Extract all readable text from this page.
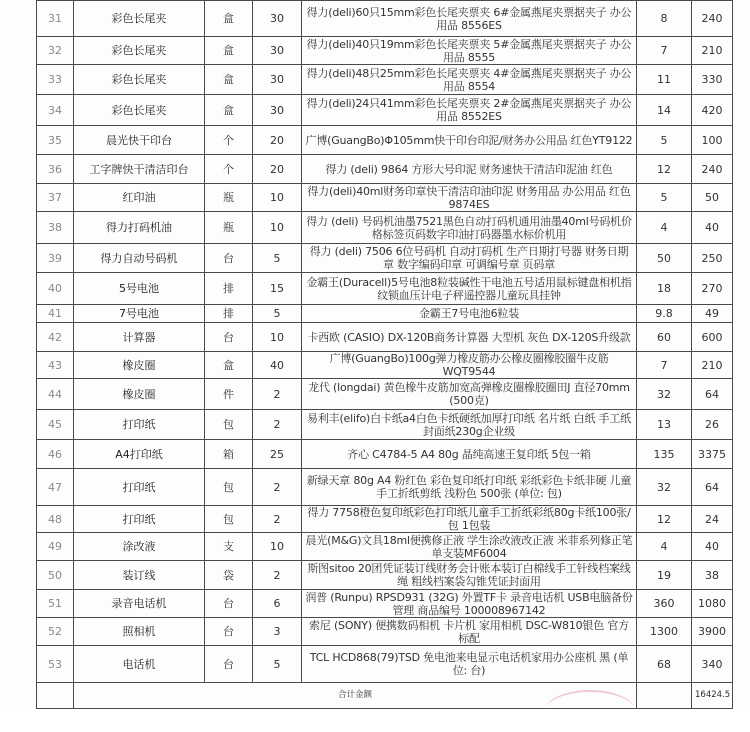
31	彩色长尾夹	盒	30	得力(deli)60只15mm彩色长尾夹票夹 6#金属燕尾夹票据夹子 办公用品 8556ES	8	240
32	彩色长尾夹	盒	30	得力(deli)40只19mm彩色长尾夹票夹 5#金属燕尾夹票据夹子 办公用品 8555	7	210
33	彩色长尾夹	盒	30	得力(deli)48只25mm彩色长尾夹票夹 4#金属燕尾夹票据夹子 办公用品 8554	11	330
34	彩色长尾夹	盒	30	得力(deli)24只41mm彩色长尾夹票夹 2#金属燕尾夹票据夹子 办公用品 8552ES	14	420
35	晨光快干印台	个	20	广博(GuangBo)Φ105mm快干印台印泥/财务办公用品 红色YT9122	5	100
36	工字牌快干清洁印台	个	20	得力 (deli) 9864 方形大号印泥 财务速快干清洁印泥油 红色	12	240
37	红印油	瓶	10	得力(deli)40ml财务印章快干清洁印油印泥 财务用品 办公用品 红色9874ES	5	50
38	得力打码机油	瓶	10	得力 (deli) 号码机油墨7521黑色自动打码机通用油墨40ml号码机价格标签页码数字印油打码器墨水标价机用	4	40
39	得力自动号码机	台	5	得力 (deli) 7506 6位号码机 自动打码机 生产日期打号器 财务日期章 数字编码印章 可调编号章 页码章	50	250
40	5号电池	排	15	金霸王(Duracell)5号电池8粒装碱性干电池五号适用鼠标键盘相机指纹锁血压计电子秤遥控器儿童玩具挂钟	18	270
41	7号电池	排	5	金霸王7号电池6粒装	9.8	49
42	计算器	台	10	卡西欧 (CASIO) DX-120B商务计算器 大型机 灰色 DX-120S升级款	60	600
43	橡皮圈	盒	40	广博(GuangBo)100g弹力橡皮筋办公橡皮圈橡胶圈牛皮筋WQT9544	7	210
44	橡皮圈	件	2	龙代 (longdai) 黄色橡牛皮筋加宽高弹橡皮圈橡胶圈田J 直径70mm (500克)	32	64
45	打印纸	包	2	易利丰(elifo)白卡纸a4白色卡纸硬纸加厚打印纸 名片纸 白纸 手工纸 封面纸230g企业级	13	26
46	A4打印纸	箱	25	齐心 C4784-5 A4 80g 晶纯高速王复印纸 5包一箱	135	3375
47	打印纸	包	2	新绿天章 80g A4 粉红色 彩色复印纸打印纸 彩纸彩色卡纸非硬 儿童手工折纸剪纸 浅粉色 500张 (单位: 包)	32	64
48	打印纸	包	2	得力 7758橙色复印纸彩色打印纸儿童手工折纸彩纸80g卡纸100张/包 1包装	12	24
49	涂改液	支	10	晨光(M&G)文具18ml便携修正液 学生涂改液改正液 米菲系列修正笔 单支装MF6004	4	40
50	装订线	袋	2	斯图sitoo 20团凭证装订线财务会计账本装订白棉线手工针线档案线绳 粗线档案袋勾锥凭证封面用	19	38
51	录音电话机	台	6	润普 (Runpu) RPSD931 (32G) 外置TF卡 录音电话机 USB电脑备份管理 商品编号 100008967142	360	1080
52	照相机	台	3	索尼 (SONY) 便携数码相机 卡片机 家用相机 DSC-W810银色 官方标配	1300	3900
53	电话机	台	5	TCL HCD868(79)TSD 免电池来电显示电话机家用办公座机 黑 (单位: 台)	68	340
	合计金额					16424.5
